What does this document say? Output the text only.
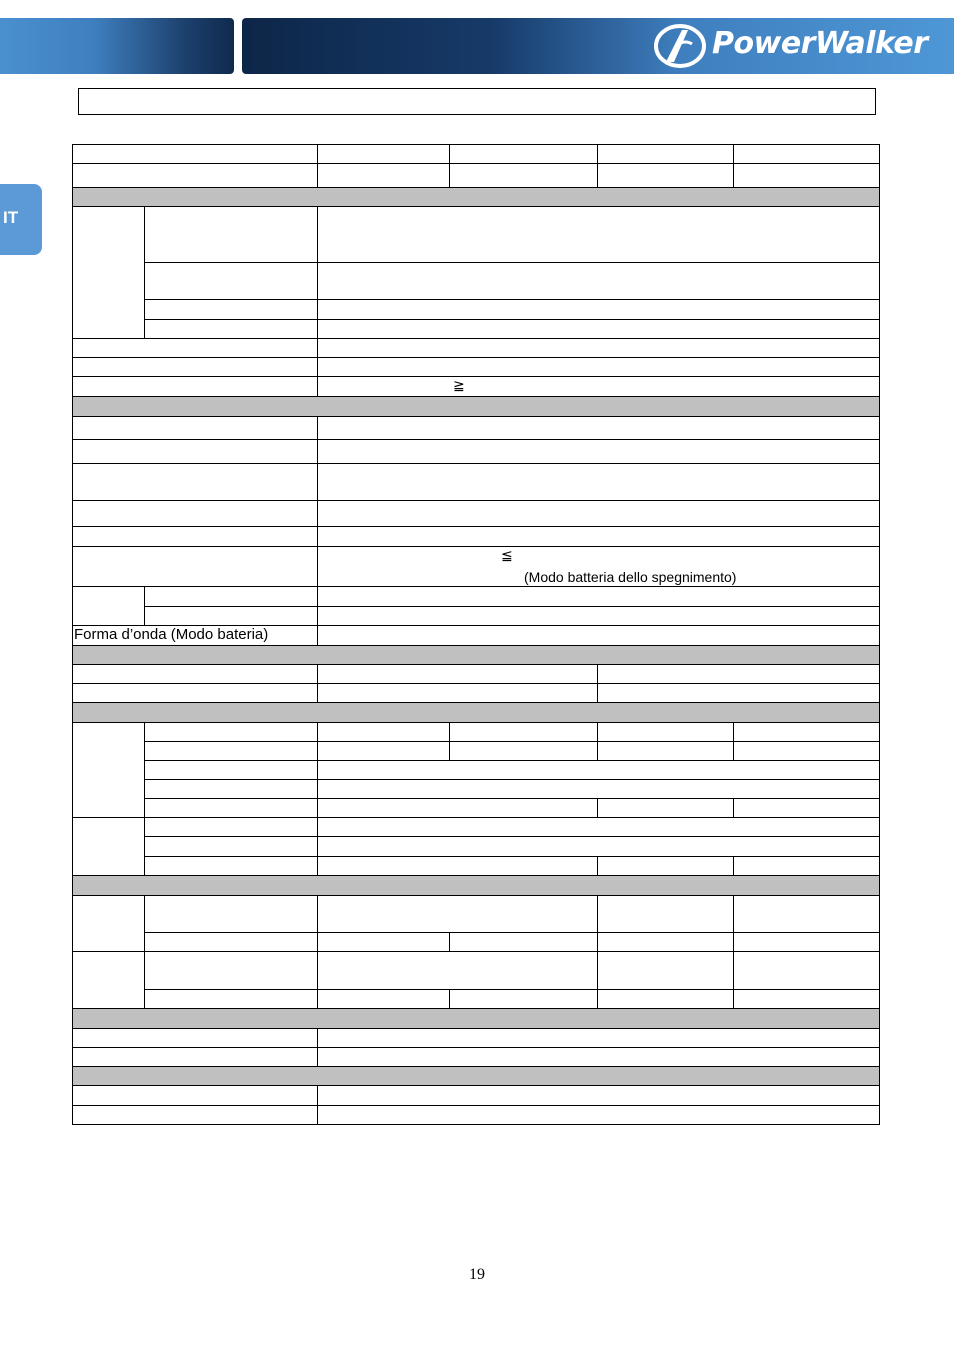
PowerWalker
IT
≧
≦
(Modo batteria dello spegnimento)
Forma d’onda (Modo bateria)
19
